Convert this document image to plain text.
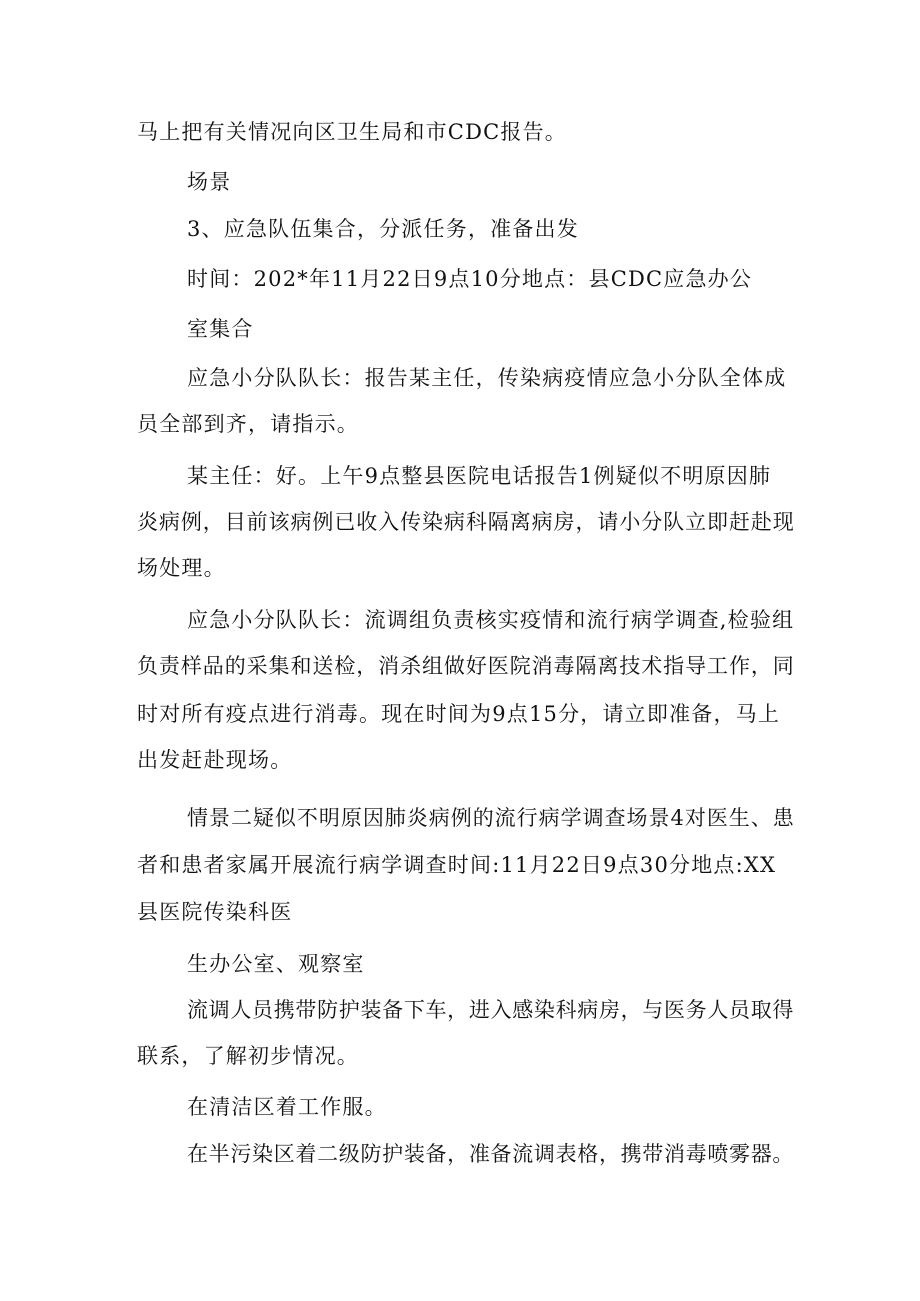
马上把有关情况向区卫生局和市CDC报告。
场景
3、应急队伍集合，分派任务，准备出发
时间：202*年11月22日9点10分地点：县CDC应急办公
室集合
应急小分队队长：报告某主任，传染病疫情应急小分队全体成
员全部到齐，请指示。
某主任：好。上午9点整县医院电话报告1例疑似不明原因肺
炎病例，目前该病例已收入传染病科隔离病房，请小分队立即赶赴现
场处理。
应急小分队队长：流调组负责核实疫情和流行病学调查,检验组
负责样品的采集和送检，消杀组做好医院消毒隔离技术指导工作，同
时对所有疫点进行消毒。现在时间为9点15分，请立即准备，马上
出发赶赴现场。
情景二疑似不明原因肺炎病例的流行病学调查场景4对医生、患
者和患者家属开展流行病学调查时间:11月22日9点30分地点:XX
县医院传染科医
生办公室、观察室
流调人员携带防护装备下车，进入感染科病房，与医务人员取得
联系，了解初步情况。
在清洁区着工作服。
在半污染区着二级防护装备，准备流调表格，携带消毒喷雾器。
